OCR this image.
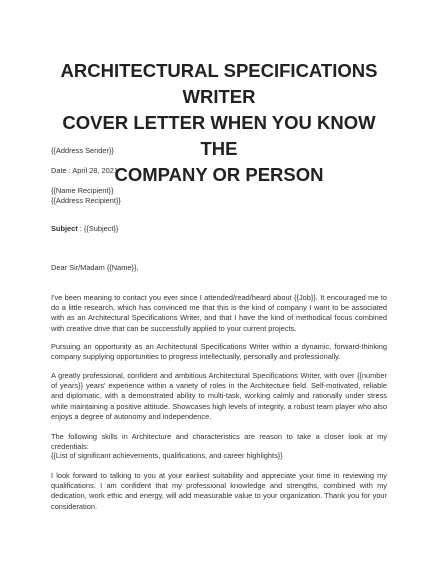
ARCHITECTURAL SPECIFICATIONS WRITER
COVER LETTER WHEN YOU KNOW THE
COMPANY OR PERSON

{{Address Sender}}

Date : April 28, 2021

{{Name Recipient}}

{{Address Recipient}}

Subject : {{Subject}}

Dear Sir/Madam {{Name}},

I've been meaning to contact you ever since I attended/read/heard about {{Job}}. It encouraged me to do a little research, which has convinced me that this is the kind of company I want to be associated with as an Architectural Specifications Writer, and that I have the kind of methodical focus combined with creative drive that can be successfully applied to your current projects.

Pursuing an opportunity as an Architectural Specifications Writer within a dynamic, forward-thinking company supplying opportunities to progress intellectually, personally and professionally.

A greatly professional, confident and ambitious Architectural Specifications Writer, with over {{number of years}} years' experience within a variety of roles in the Architecture field. Self-motivated, reliable and diplomatic, with a demonstrated ability to multi-task, working calmly and rationally under stress while maintaining a positive attitude. Showcases high levels of integrity, a robust team player who also enjoys a degree of autonomy and independence.

The following skills in Architecture and characteristics are reason to take a closer look at my credentials:

{{List of significant achievements, qualifications, and career highlights}}

I look forward to talking to you at your earliest suitability and appreciate your time in reviewing my qualifications. I am confident that my professional knowledge and strengths, combined with my dedication, work ethic and energy, will add measurable value to your organization. Thank you for your consideration.
